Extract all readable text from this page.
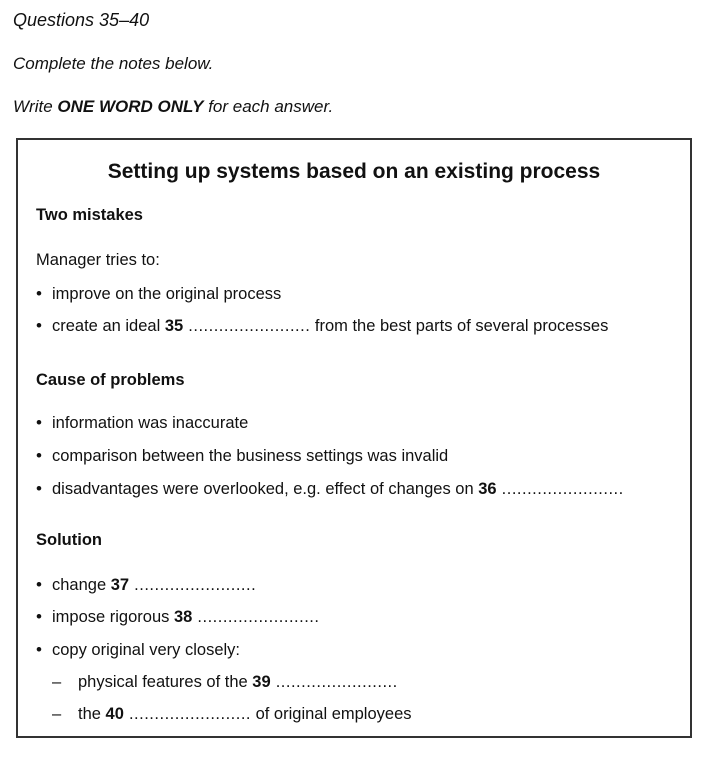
Questions 35–40
Complete the notes below.
Write ONE WORD ONLY for each answer.
Setting up systems based on an existing process
Two mistakes
Manager tries to:
• improve on the original process
• create an ideal 35 ........................ from the best parts of several processes
Cause of problems
• information was inaccurate
• comparison between the business settings was invalid
• disadvantages were overlooked, e.g. effect of changes on 36 ........................
Solution
• change 37 ........................
• impose rigorous 38 ........................
• copy original very closely:
– physical features of the 39 ........................
– the 40 ........................ of original employees
